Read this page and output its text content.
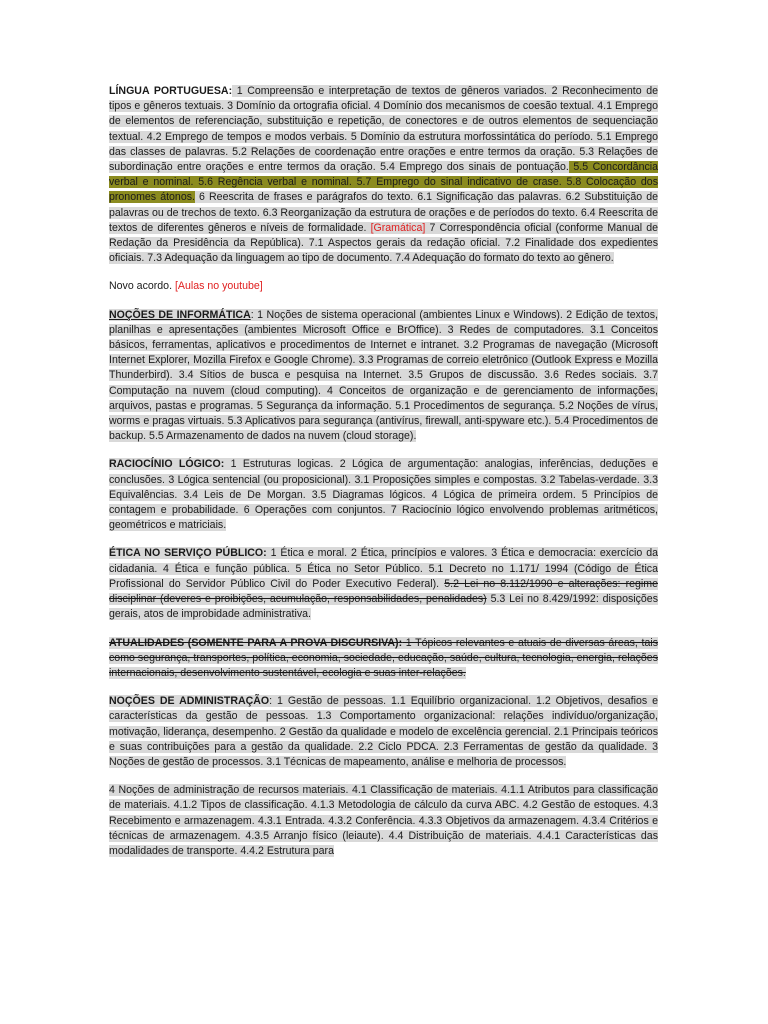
LÍNGUA PORTUGUESA: 1 Compreensão e interpretação de textos de gêneros variados. 2 Reconhecimento de tipos e gêneros textuais. 3 Domínio da ortografia oficial. 4 Domínio dos mecanismos de coesão textual. 4.1 Emprego de elementos de referenciação, substituição e repetição, de conectores e de outros elementos de sequenciação textual. 4.2 Emprego de tempos e modos verbais. 5 Domínio da estrutura morfossintática do período. 5.1 Emprego das classes de palavras. 5.2 Relações de coordenação entre orações e entre termos da oração. 5.3 Relações de subordinação entre orações e entre termos da oração. 5.4 Emprego dos sinais de pontuação. 5.5 Concordância verbal e nominal. 5.6 Regência verbal e nominal. 5.7 Emprego do sinal indicativo de crase. 5.8 Colocação dos pronomes átonos. 6 Reescrita de frases e parágrafos do texto. 6.1 Significação das palavras. 6.2 Substituição de palavras ou de trechos de texto. 6.3 Reorganização da estrutura de orações e de períodos do texto. 6.4 Reescrita de textos de diferentes gêneros e níveis de formalidade. [Gramática] 7 Correspondência oficial (conforme Manual de Redação da Presidência da República). 7.1 Aspectos gerais da redação oficial. 7.2 Finalidade dos expedientes oficiais. 7.3 Adequação da linguagem ao tipo de documento. 7.4 Adequação do formato do texto ao gênero.

Novo acordo. [Aulas no youtube]

NOÇÕES DE INFORMÁTICA: 1 Noções de sistema operacional (ambientes Linux e Windows). 2 Edição de textos, planilhas e apresentações (ambientes Microsoft Office e BrOffice). 3 Redes de computadores. 3.1 Conceitos básicos, ferramentas, aplicativos e procedimentos de Internet e intranet. 3.2 Programas de navegação (Microsoft Internet Explorer, Mozilla Firefox e Google Chrome). 3.3 Programas de correio eletrônico (Outlook Express e Mozilla Thunderbird). 3.4 Sítios de busca e pesquisa na Internet. 3.5 Grupos de discussão. 3.6 Redes sociais. 3.7 Computação na nuvem (cloud computing). 4 Conceitos de organização e de gerenciamento de informações, arquivos, pastas e programas. 5 Segurança da informação. 5.1 Procedimentos de segurança. 5.2 Noções de vírus, worms e pragas virtuais. 5.3 Aplicativos para segurança (antivírus, firewall, anti-spyware etc.). 5.4 Procedimentos de backup. 5.5 Armazenamento de dados na nuvem (cloud storage).

RACIOCÍNIO LÓGICO: 1 Estruturas logicas. 2 Lógica de argumentação: analogias, inferências, deduções e conclusões. 3 Lógica sentencial (ou proposicional). 3.1 Proposições simples e compostas. 3.2 Tabelas-verdade. 3.3 Equivalências. 3.4 Leis de De Morgan. 3.5 Diagramas lógicos. 4 Lógica de primeira ordem. 5 Princípios de contagem e probabilidade. 6 Operações com conjuntos. 7 Raciocínio lógico envolvendo problemas aritméticos, geométricos e matriciais.

ÉTICA NO SERVIÇO PÚBLICO: 1 Ética e moral. 2 Ética, princípios e valores. 3 Ética e democracia: exercício da cidadania. 4 Ética e função pública. 5 Ética no Setor Público. 5.1 Decreto no 1.171/ 1994 (Código de Ética Profissional do Servidor Público Civil do Poder Executivo Federal). 5.2 Lei no 8.112/1990 e alterações: regime disciplinar (deveres e proibições, acumulação, responsabilidades, penalidades) 5.3 Lei no 8.429/1992: disposições gerais, atos de improbidade administrativa.

ATUALIDADES (SOMENTE PARA A PROVA DISCURSIVA): 1 Tópicos relevantes e atuais de diversas áreas, tais como segurança, transportes, política, economia, sociedade, educação, saúde, cultura, tecnologia, energia, relações internacionais, desenvolvimento sustentável, ecologia e suas inter-relações.

NOÇÕES DE ADMINISTRAÇÃO: 1 Gestão de pessoas. 1.1 Equilíbrio organizacional. 1.2 Objetivos, desafios e características da gestão de pessoas. 1.3 Comportamento organizacional: relações indivíduo/organização, motivação, liderança, desempenho. 2 Gestão da qualidade e modelo de excelência gerencial. 2.1 Principais teóricos e suas contribuições para a gestão da qualidade. 2.2 Ciclo PDCA. 2.3 Ferramentas de gestão da qualidade. 3 Noções de gestão de processos. 3.1 Técnicas de mapeamento, análise e melhoria de processos.

4 Noções de administração de recursos materiais. 4.1 Classificação de materiais. 4.1.1 Atributos para classificação de materiais. 4.1.2 Tipos de classificação. 4.1.3 Metodologia de cálculo da curva ABC. 4.2 Gestão de estoques. 4.3 Recebimento e armazenagem. 4.3.1 Entrada. 4.3.2 Conferência. 4.3.3 Objetivos da armazenagem. 4.3.4 Critérios e técnicas de armazenagem. 4.3.5 Arranjo físico (leiaute). 4.4 Distribuição de materiais. 4.4.1 Características das modalidades de transporte. 4.4.2 Estrutura para
